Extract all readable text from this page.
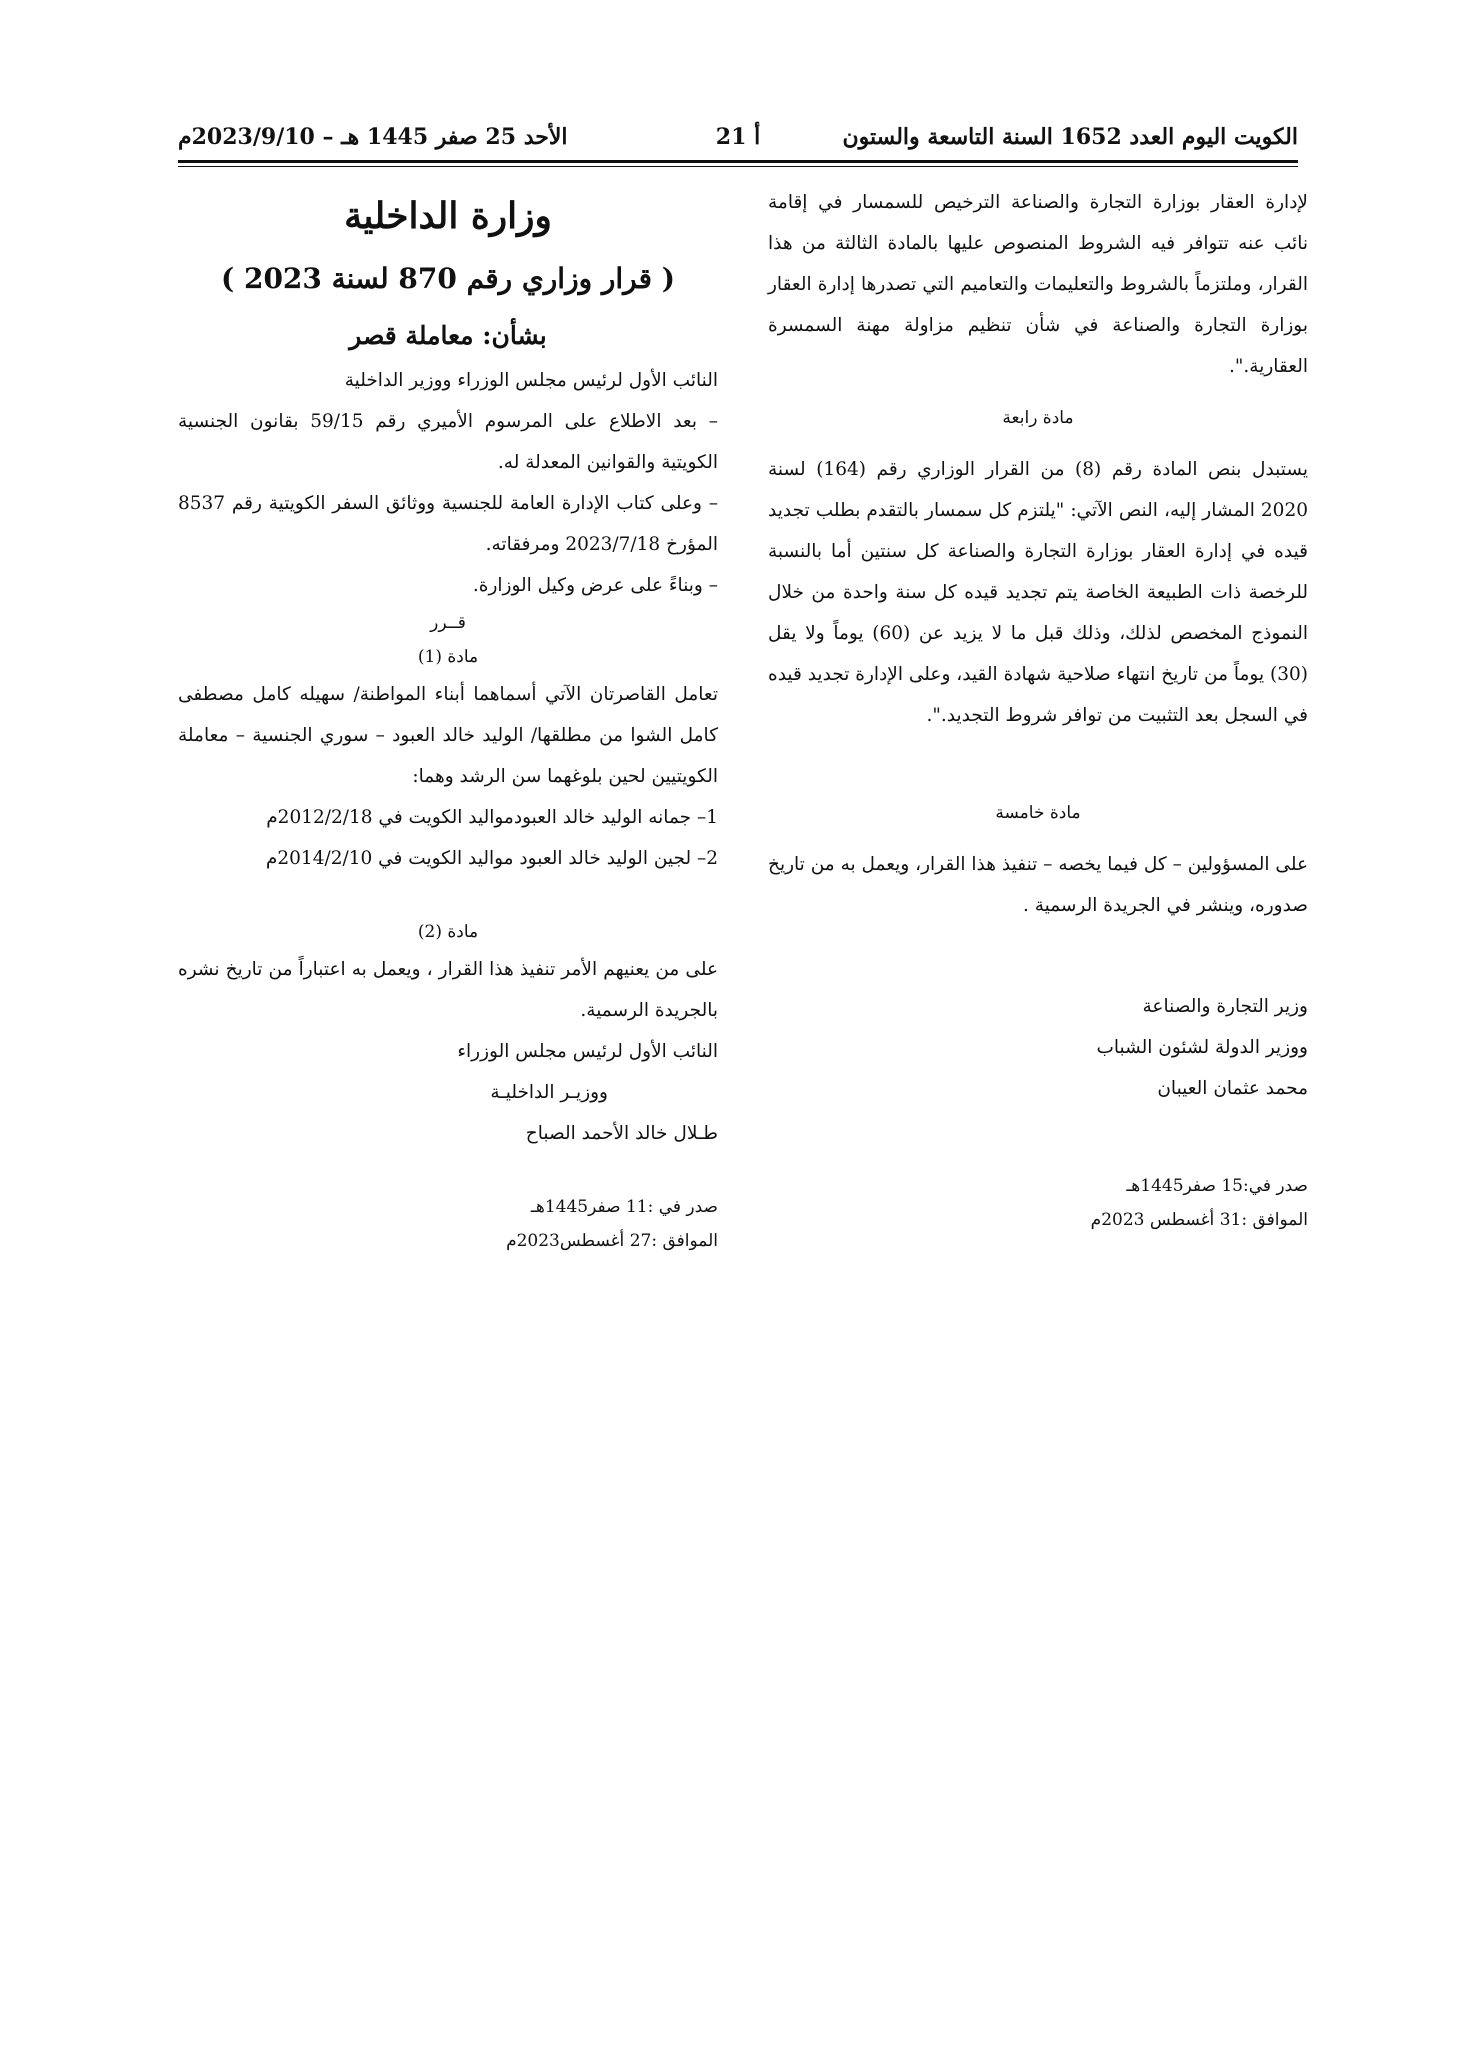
الكويت اليوم العدد 1652 السنة التاسعة والستون
أ 21
الأحد 25 صفر 1445 هـ – 2023/9/10م

لإدارة العقار بوزارة التجارة والصناعة الترخيص للسمسار في إقامة نائب عنه تتوافر فيه الشروط المنصوص عليها بالمادة الثالثة من هذا القرار، وملتزماً بالشروط والتعليمات والتعاميم التي تصدرها إدارة العقار بوزارة التجارة والصناعة في شأن تنظيم مزاولة مهنة السمسرة العقارية.".

مادة رابعة

يستبدل بنص المادة رقم (8) من القرار الوزاري رقم (164) لسنة 2020 المشار إليه، النص الآتي: "يلتزم كل سمسار بالتقدم بطلب تجديد قيده في إدارة العقار بوزارة التجارة والصناعة كل سنتين أما بالنسبة للرخصة ذات الطبيعة الخاصة يتم تجديد قيده كل سنة واحدة من خلال النموذج المخصص لذلك، وذلك قبل ما لا يزيد عن (60) يوماً ولا يقل (30) يوماً من تاريخ انتهاء صلاحية شهادة القيد، وعلى الإدارة تجديد قيده في السجل بعد التثبيت من توافر شروط التجديد.".

مادة خامسة

على المسؤولين – كل فيما يخصه – تنفيذ هذا القرار، ويعمل به من تاريخ صدوره، وينشر في الجريدة الرسمية .

وزير التجارة والصناعة
ووزير الدولة لشئون الشباب
محمد عثمان العيبان
صدر في:15 صفر1445هـ
الموافق :31 أغسطس 2023م
وزارة الداخلية
( قرار وزاري رقم 870 لسنة 2023 )
بشأن: معاملة قصر

النائب الأول لرئيس مجلس الوزراء ووزير الداخلية

– بعد الاطلاع على المرسوم الأميري رقم 59/15 بقانون الجنسية الكويتية والقوانين المعدلة له.

– وعلى كتاب الإدارة العامة للجنسية ووثائق السفر الكويتية رقم 8537 المؤرخ 2023/7/18 ومرفقاته.

– وبناءً على عرض وكيل الوزارة.

قــرر

مادة (1)

تعامل القاصرتان الآتي أسماهما أبناء المواطنة/ سهيله كامل مصطفى كامل الشوا من مطلقها/ الوليد خالد العبود – سوري الجنسية – معاملة الكويتيين لحين بلوغهما سن الرشد وهما:

1– جمانه الوليد خالد العبودمواليد الكويت في 2012/2/18م

2– لجين الوليد خالد العبود مواليد الكويت في 2014/2/10م

مادة (2)

على من يعنيهم الأمر تنفيذ هذا القرار ، ويعمل به اعتباراً من تاريخ نشره بالجريدة الرسمية.

النائب الأول لرئيس مجلس الوزراء
ووزيـر الداخليـة
طـلال خالد الأحمد الصباح
صدر في :11 صفر1445هـ
الموافق :27 أغسطس2023م
